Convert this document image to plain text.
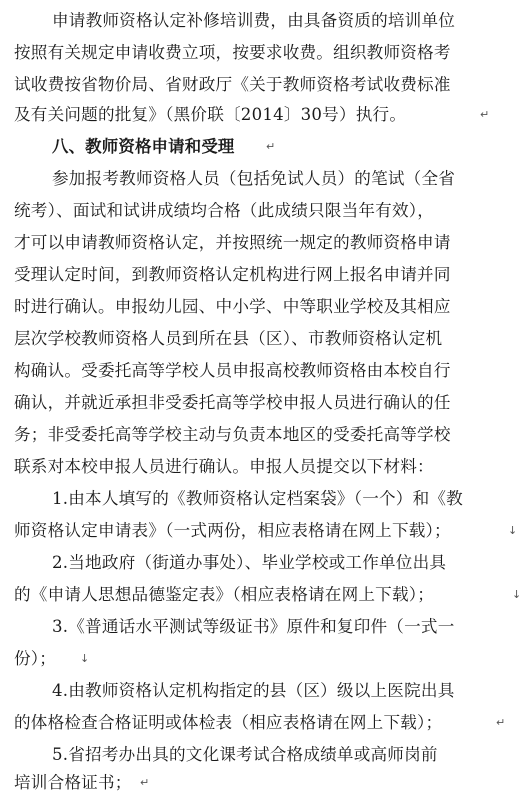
申请教师资格认定补修培训费，由具备资质的培训单位
按照有关规定申请收费立项，按要求收费。组织教师资格考
试收费按省物价局、省财政厅《关于教师资格考试收费标准
及有关问题的批复》（黑价联〔2014〕30号）执行。	↵
八、教师资格申请和受理	↵
参加报考教师资格人员（包括免试人员）的笔试（全省
统考）、面试和试讲成绩均合格（此成绩只限当年有效），
才可以申请教师资格认定，并按照统一规定的教师资格申请
受理认定时间，到教师资格认定机构进行网上报名申请并同
时进行确认。申报幼儿园、中小学、中等职业学校及其相应
层次学校教师资格人员到所在县（区）、市教师资格认定机
构确认。受委托高等学校人员申报高校教师资格由本校自行
确认，并就近承担非受委托高等学校申报人员进行确认的任
务；非受委托高等学校主动与负责本地区的受委托高等学校
联系对本校申报人员进行确认。申报人员提交以下材料：
1.由本人填写的《教师资格认定档案袋》（一个）和《教
师资格认定申请表》（一式两份，相应表格请在网上下载）；	↓
2.当地政府（街道办事处）、毕业学校或工作单位出具
的《申请人思想品德鉴定表》（相应表格请在网上下载）；	↓
3.《普通话水平测试等级证书》原件和复印件（一式一
份）；	↓
4.由教师资格认定机构指定的县（区）级以上医院出具
的体格检查合格证明或体检表（相应表格请在网上下载）；	↵
5.省招考办出具的文化课考试合格成绩单或高师岗前
培训合格证书； ↵
